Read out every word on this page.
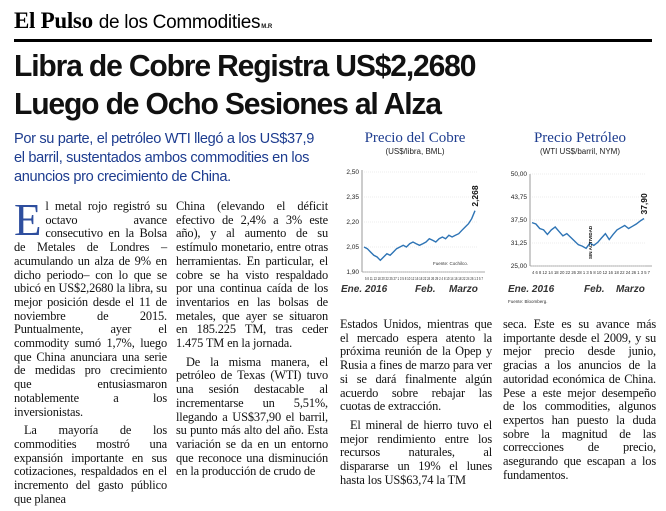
El Pulso de los CommoditiesM.R
Libra de Cobre Registra US$2,2680
Luego de Ocho Sesiones al Alza
Por su parte, el petróleo WTI llegó a los US$37,9
el barril, sustentados ambos commodities en los
anuncios pro crecimiento de China.
Precio del Cobre
(US$/libra, BML)
2,50
2,35
2,20
2,05
1,90
2,268
5 8 11 13 18 20 22 25 27 1 3 5 8 10 12 16 18 22 24 26 29 2 4 8 10 14 16 18 22 24 26 1 3 5 7
Ene. 2016	Feb. Marzo
Fuente: Cochilco.
Precio Petróleo
(WTI US$/barril, NYM)
50,00
43,75
37,50
31,25
25,00
SIN ACTIVIDAD
37,90
4 6 8 12 14 18 20 22 26 28 1 3 5 8 10 12 16 18 22 24 26 1 3 5 7
Ene. 2016	Feb. Marzo
Fuente: Bloomberg.

El metal rojo registró su octavo avance consecutivo en la Bolsa de Metales de Londres –acumulando un alza de 9% en dicho periodo– con lo que se ubicó en US$2,2680 la libra, su mejor posición desde el 11 de noviembre de 2015. Puntualmente, ayer el commodity sumó 1,7%, luego que China anunciara una serie de medidas pro crecimiento que entusiasmaron notablemente a los inversionistas.

La mayoría de los commodities mostró una expansión importante en sus cotizaciones, respaldados en el incremento del gasto público que planea

China (elevando el déficit efectivo de 2,4% a 3% este año), y al aumento de su estímulo monetario, entre otras herramientas. En particular, el cobre se ha visto respaldado por una continua caída de los inventarios en las bolsas de metales, que ayer se situaron en 185.225 TM, tras ceder 1.475 TM en la jornada.

De la misma manera, el petróleo de Texas (WTI) tuvo una sesión destacable al incrementarse un 5,51%, llegando a US$37,90 el barril, su punto más alto del año. Esta variación se da en un entorno que reconoce una disminución en la producción de crudo de

Estados Unidos, mientras que el mercado espera atento la próxima reunión de la Opep y Rusia a fines de marzo para ver si se dará finalmente algún acuerdo sobre rebajar las cuotas de extracción.

El mineral de hierro tuvo el mejor rendimiento entre los recursos naturales, al dispararse un 19% el lunes hasta los US$63,74 la TM

seca. Este es su avance más importante desde el 2009, y su mejor precio desde junio, gracias a los anuncios de la autoridad económica de China. Pese a este mejor desempeño de los commodities, algunos expertos han puesto la duda sobre la magnitud de las correcciones de precio, asegurando que escapan a los fundamentos.
